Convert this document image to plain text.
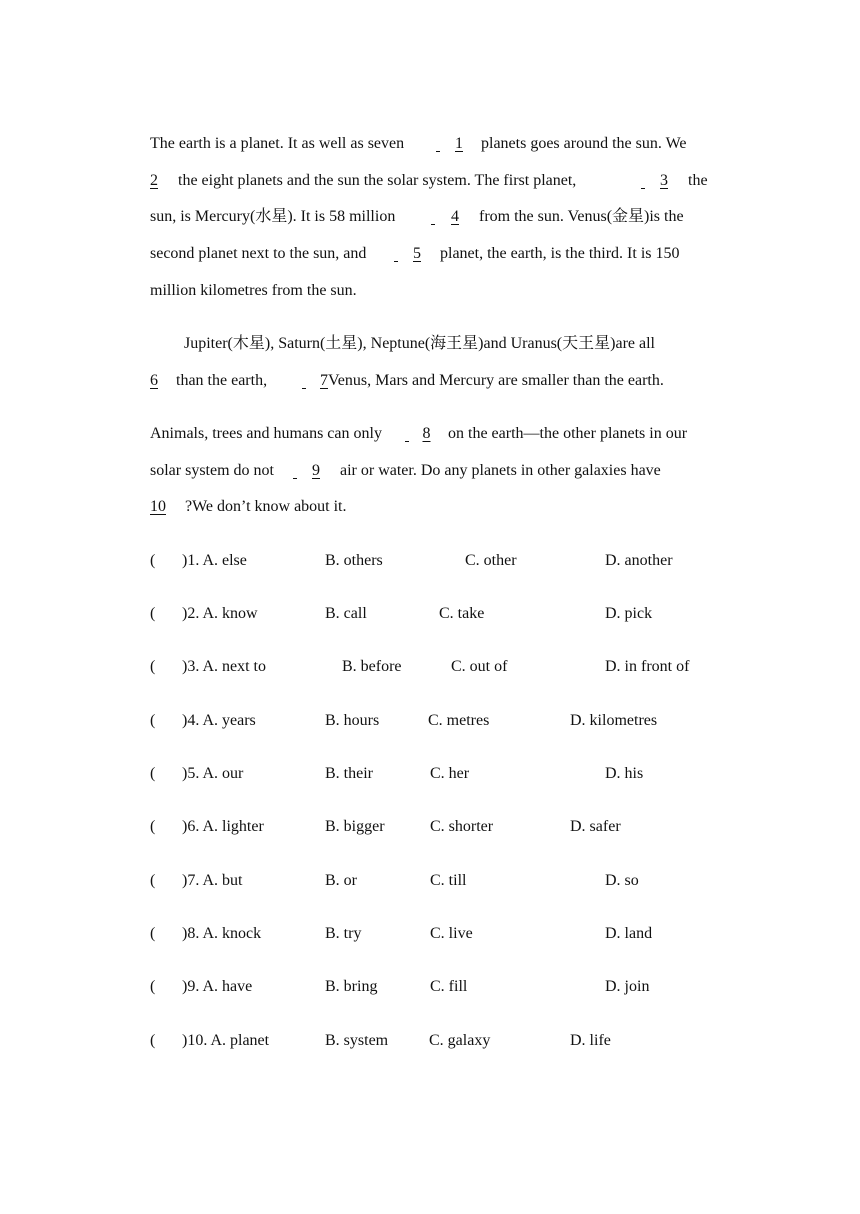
The earth is a planet. It as well as seven	1	planets goes around the sun. We

2
	the eight planets and the sun the solar system. The first planet,	3
	the
sun, is Mercury(水星). It is 58 million	4
	from the sun. Venus(金星)is the
second planet next to the sun, and	5
	planet, the earth, is the third. It is 150
million kilometres from the sun.
Jupiter(木星), Saturn(土星), Neptune(海王星)and Uranus(天王星)are all
6
	than the earth,	7
Venus, Mars and Mercury are smaller than the earth.
Animals, trees and humans can only	8
	on the earth—the other planets in our
solar system do not	9
	air or water. Do any planets in other galaxies have
10
	?We don’t know about it.
( )1. A. else	B. others	C. other	D. another
( )2. A. know	B. call	C. take	D. pick
( )3. A. next to	B. before	C. out of	D. in front of
( )4. A. years	B. hours	C. metres	D. kilometres
( )5. A. our	B. their	C. her	D. his
( )6. A. lighter	B. bigger	C. shorter	D. safer
( )7. A. but	B. or	C. till	D. so
( )8. A. knock	B. try	C. live	D. land
( )9. A. have	B. bring	C. fill	D. join
( )10. A. planet	B. system	C. galaxy	D. life
